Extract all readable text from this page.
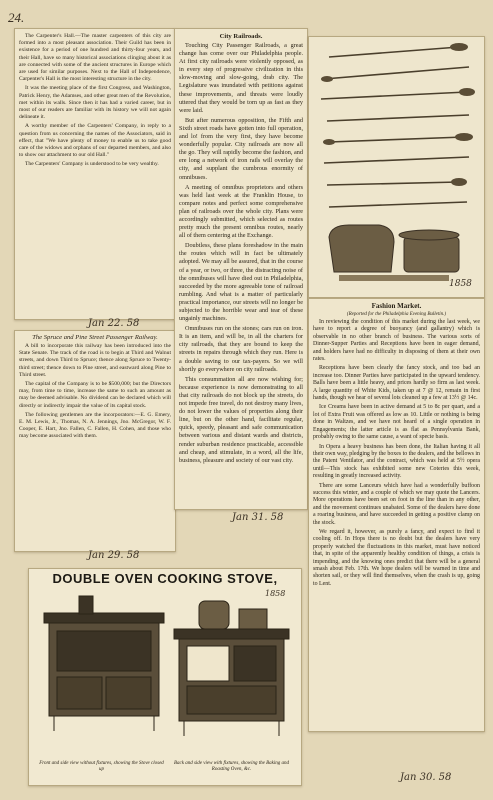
24.

The Carpenter's Hall.—The master carpenters of this city are formed into a most pleasant association. Their Guild has been in existence for a period of one hundred and thirty-four years, and their Hall, have so many historical associations clinging about it as are connected with some of the ancient structures in Europe which are used for similar purposes. Next to the Hall of Independence, Carpenter's Hall is the most interesting structure in the city.

It was the meeting place of the first Congress, and Washington, Patrick Henry, the Adamses, and other great men of the Revolution, met within its walls. Since then it has had a varied career, but in most of our readers are familiar with its history we will not again delineate it.

A worthy member of the Carpenters' Company, in reply to a question from us concerning the names of the Associators, said in effect, that "We have plenty of money to enable us to take good care of the widows and orphans of our departed members, and also to show our attachment to our old Hall."

The Carpenters' Company is understood to be very wealthy.

Jan 22. 58
The Spruce and Pine Street Passenger Railway.

A bill to incorporate this railway has been introduced into the State Senate. The track of the road is to begin at Third and Walnut streets, and down Third to Spruce; thence along Spruce to Twenty-third street; thence down to Pine street, and eastward along Pine to Third street.

The capital of the Company is to be $500,000; but the Directors may, from time to time, increase the same to such an amount as may be deemed advisable. No dividend can be declared which will directly or indirectly impair the value of its capital stock.

The following gentlemen are the incorporators:—E. G. Emery, E. M. Lewis, Jr., Thomas, N. A. Jennings, Jno. McGregor, W. F. Cooper, E. Hart, Jno. Fallen, C. Fallen, H. Cohen, and those who may become associated with them.

Jan 29. 58
City Railroads.

Touching City Passenger Railroads, a great change has come over our Philadelphia people. At first city railroads were violently opposed, as in every step of progressive civilization in this slow-moving and slow-going, drab city. The Legislature was inundated with petitions against these improvements, and threats were loudly uttered that they would be torn up as fast as they were laid.

But after numerous opposition, the Fifth and Sixth street roads have gotten into full operation, and lo! from the very first, they have become wonderfully popular. City railroads are now all the go. They will rapidly become the fashion, and ere long a network of iron rails will overlay the city, and supplant the cumbrous enormity of omnibuses.

A meeting of omnibus proprietors and others was held last week at the Franklin House, to compare notes and perfect some comprehensive plan of railroads over the whole city. Plans were accordingly submitted, which selected as routes pretty much the present omnibus routes, nearly all of them centering at the Exchange.

Doubtless, these plans foreshadow in the main the routes which will in fact be ultimately adopted. We may all be assured, that in the course of a year, or two, or three, the distracting noise of the omnibuses will have died out in Philadelphia, succeeded by the more agreeable tone of railroad rumbling. And what is a matter of particularly practical importance, our streets will no longer be subjected to the horrible wear and tear of these ungainly machines.

Omnibuses run on the stones; cars run on iron. It is an item, and will be, in all the charters for city railroads, that they are bound to keep the streets in repairs through which they run. Here is a double saving to our tax-payers. So we will shortly go everywhere on city railroads.

This consummation all are now wishing for; because experience is now demonstrating to all that city railroads do not block up the streets, do not impede free travel, do not destroy many lives, do not lower the values of properties along their line, but on the other hand, facilitate regular, quick, speedy, pleasant and safe communication between various and distant wards and districts, render suburban residence practicable, accessible and cheap, and stimulate, in a word, all the life, business, pleasure and society of our vast city.

Jan 31. 58
1858
Fashion Market.
(Reported for the Philadelphia Evening Bulletin.)

In reviewing the condition of this market during the last week, we have to report a degree of buoyancy (and gallantry) which is observable in no other branch of business. The various sorts of Dinner-Supper Parties and Receptions have been in eager demand, and holders have had no difficulty in disposing of them at their own rates.

Receptions have been clearly the fancy stock, and too bad an increase too. Dinner Parties have participated in the upward tendency. Balls have been a little heavy, and prices hardly so firm as last week. A large quantity of White Kids, taken up at 7 @ 12, remain in first hands, though we hear of several lots cleaned up a few at 13½ @ 14c.

Ice Creams have been in active demand at 5 to 8c per quart, and a lot of Extra Fruit was offered as low as 10. Little or nothing is being done in Waltzes, and we have not heard of a single operation in Engagements; the latter article is as flat as Pennsylvania Bank, probably owing to the same cause, a want of specie basis.

In Opera a heavy business has been done, the Italian having it all their own way, pledging by the boxes to the dealers, and the bellows in the Patent Ventilator, and the contract, which was held at 5½ opera until—This stock has exhibited some new Coteries this week, resulting in greatly increased activity.

There are some Lanceurs which have had a wonderfully buffoon success this winter, and a couple of which we may quote the Lancers. More operations have been set on foot in the line than in any other, and the movement continues unabated. Some of the dealers have done a roaring business, and have succeeded in getting a positive clamp on the stock.

We regard it, however, as purely a fancy, and expect to find it cooling off. In Hops there is no doubt but the dealers have very properly watched the fluctuations in this market, must have noticed that, in spite of the apparently healthy condition of things, a crisis is impending, and the knowing ones predict that there will be a general smash about Feb. 17th. We hope dealers will be warned in time and shorten sail, or they will find themselves, when the crash is up, going to Lent.

Jan 30. 58
DOUBLE OVEN COOKING STOVE,
1858
Front and side view without fixtures, showing the Stove closed up
Back and side view with fixtures, showing the Baking and Roasting Oven, &c.
